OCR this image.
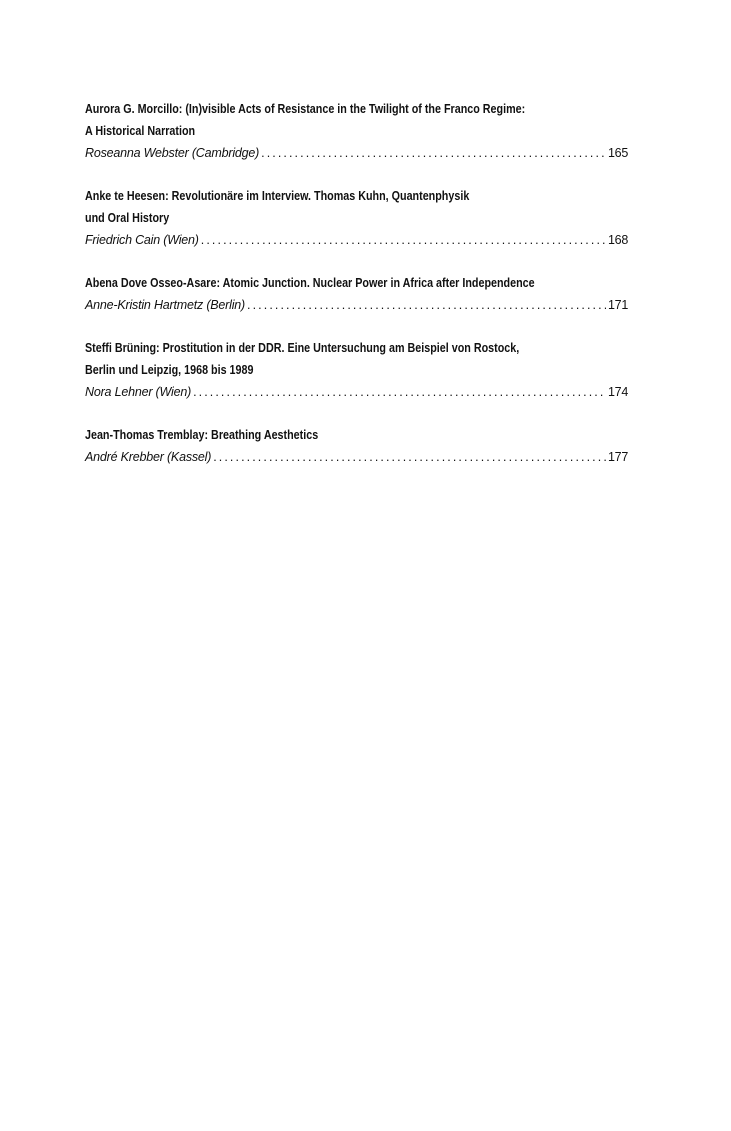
Aurora G. Morcillo: (In)visible Acts of Resistance in the Twilight of the Franco Regime:
A Historical Narration
Roseanna Webster (Cambridge) .....	165
Anke te Heesen: Revolutionäre im Interview. Thomas Kuhn, Quantenphysik
und Oral History
Friedrich Cain (Wien) .....	168
Abena Dove Osseo-Asare: Atomic Junction. Nuclear Power in Africa after Independence
Anne-Kristin Hartmetz (Berlin) .....	171
Steffi Brüning: Prostitution in der DDR. Eine Untersuchung am Beispiel von Rostock,
Berlin und Leipzig, 1968 bis 1989
Nora Lehner (Wien) .....	174
Jean-Thomas Tremblay: Breathing Aesthetics
André Krebber (Kassel) .....	177
